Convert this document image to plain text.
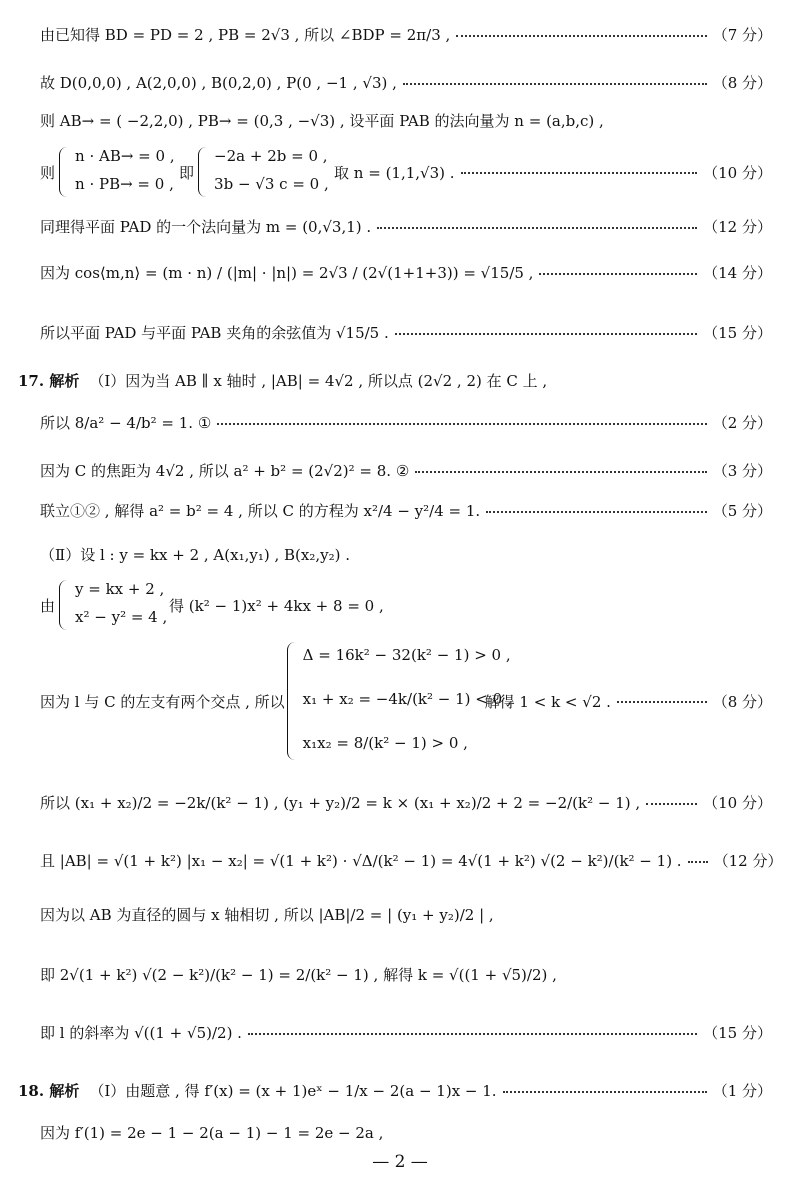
由已知得 BD = PD = 2 , PB = 2√3 , 所以 ∠BDP = 2π/3 ,	（7 分）
故 D(0,0,0) , A(2,0,0) , B(0,2,0) , P(0 , −1 , √3) ,	（8 分）
则 AB→ = ( −2,2,0) , PB→ = (0,3 , −√3) , 设平面 PAB 的法向量为 n = (a,b,c) ,
则
n · AB→ = 0 ,
n · PB→ = 0 ,
即
−2a + 2b = 0 ,
3b − √3 c = 0 ,
取 n = (1,1,√3) .	（10 分）
同理得平面 PAD 的一个法向量为 m = (0,√3,1) .	（12 分）
因为 cos⟨m,n⟩ = (m · n) / (|m| · |n|) = 2√3 / (2√(1+1+3)) = √15/5 ,	（14 分）
所以平面 PAD 与平面 PAB 夹角的余弦值为 √15/5 .	（15 分）
17. 解析 （Ⅰ）因为当 AB ∥ x 轴时 , |AB| = 4√2 , 所以点 (2√2 , 2) 在 C 上 ,
所以 8/a² − 4/b² = 1. ①	（2 分）
因为 C 的焦距为 4√2 , 所以 a² + b² = (2√2)² = 8. ②	（3 分）
联立①② , 解得 a² = b² = 4 , 所以 C 的方程为 x²/4 − y²/4 = 1.	（5 分）
（Ⅱ）设 l : y = kx + 2 , A(x₁,y₁) , B(x₂,y₂) .
由
y = kx + 2 ,
x² − y² = 4 ,
得 (k² − 1)x² + 4kx + 8 = 0 ,
因为 l 与 C 的左支有两个交点 , 所以
Δ = 16k² − 32(k² − 1) > 0 ,
x₁ + x₂ = −4k/(k² − 1) < 0 ,
x₁x₂ = 8/(k² − 1) > 0 ,
解得 1 < k < √2 .	（8 分）
所以 (x₁ + x₂)/2 = −2k/(k² − 1) , (y₁ + y₂)/2 = k × (x₁ + x₂)/2 + 2 = −2/(k² − 1) ,	（10 分）
且 |AB| = √(1 + k²) |x₁ − x₂| = √(1 + k²) · √Δ/(k² − 1) = 4√(1 + k²) √(2 − k²)/(k² − 1) . （12 分）
因为以 AB 为直径的圆与 x 轴相切 , 所以 |AB|/2 = | (y₁ + y₂)/2 | ,
即 2√(1 + k²) √(2 − k²)/(k² − 1) = 2/(k² − 1) , 解得 k = √((1 + √5)/2) ,
即 l 的斜率为 √((1 + √5)/2) .	（15 分）
18. 解析 （Ⅰ）由题意 , 得 f′(x) = (x + 1)eˣ − 1/x − 2(a − 1)x − 1.	（1 分）
因为 f′(1) = 2e − 1 − 2(a − 1) − 1 = 2e − 2a ,
— 2 —
